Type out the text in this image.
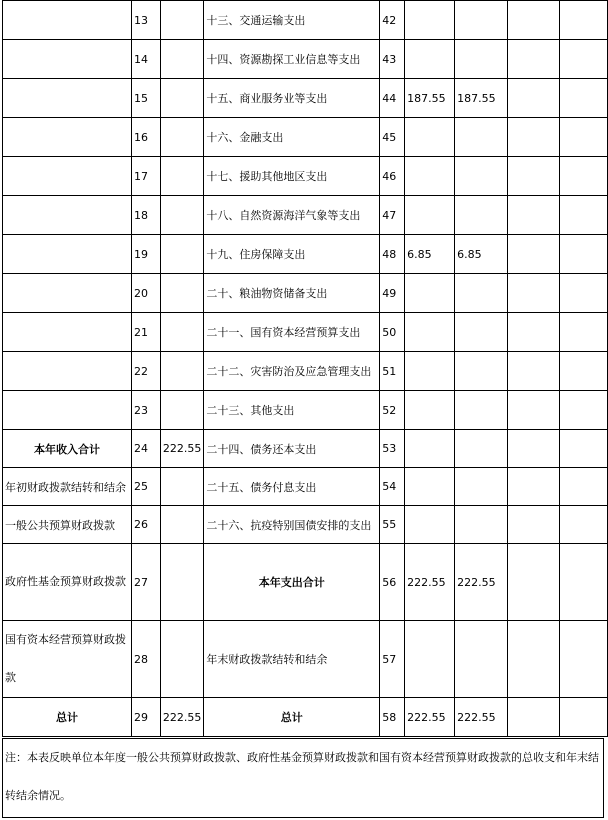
	13		十三、交通运输支出	42				
	14		十四、资源勘探工业信息等支出	43				
	15		十五、商业服务业等支出	44	187.55	187.55		
	16		十六、金融支出	45				
	17		十七、援助其他地区支出	46				
	18		十八、自然资源海洋气象等支出	47				
	19		十九、住房保障支出	48	6.85	6.85		
	20		二十、粮油物资储备支出	49				
	21		二十一、国有资本经营预算支出	50				
	22		二十二、灾害防治及应急管理支出	51				
	23		二十三、其他支出	52				
本年收入合计	24	222.55	二十四、债务还本支出	53				
年初财政拨款结转和结余	25		二十五、债务付息支出	54				
一般公共预算财政拨款	26		二十六、抗疫特别国债安排的支出	55				
政府性基金预算财政拨款	27		本年支出合计	56	222.55	222.55		
国有资本经营预算财政拨款	28		年末财政拨款结转和结余	57				
总计	29	222.55	总计	58	222.55	222.55		
注：本表反映单位本年度一般公共预算财政拨款、政府性基金预算财政拨款和国有资本经营预算财政拨款的总收支和年末结转结余情况。
